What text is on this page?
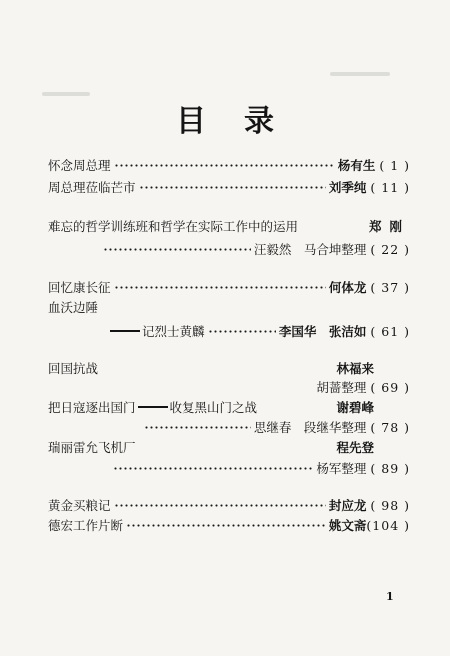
目录
怀念周总理	杨有生 ( 1 )
周总理莅临芒市	刘季纯 ( 11 )
难忘的哲学训练班和哲学在实际工作中的运用	郑刚
汪毅然　马合坤整理 ( 22 )
回忆康长征	何体龙 ( 37 )
血沃边陲
记烈士黄麟	李国华　张洁如 ( 61 )
回国抗战	林福来
胡蔷整理 ( 69 )
把日寇逐出国门	收复黑山门之战	谢碧峰
思继春　段继华整理 ( 78 )
瑞丽雷允飞机厂	程先登
杨军整理 ( 89 )
黄金买粮记	封应龙 ( 98 )
德宏工作片断	姚文斋 (104 )
1
